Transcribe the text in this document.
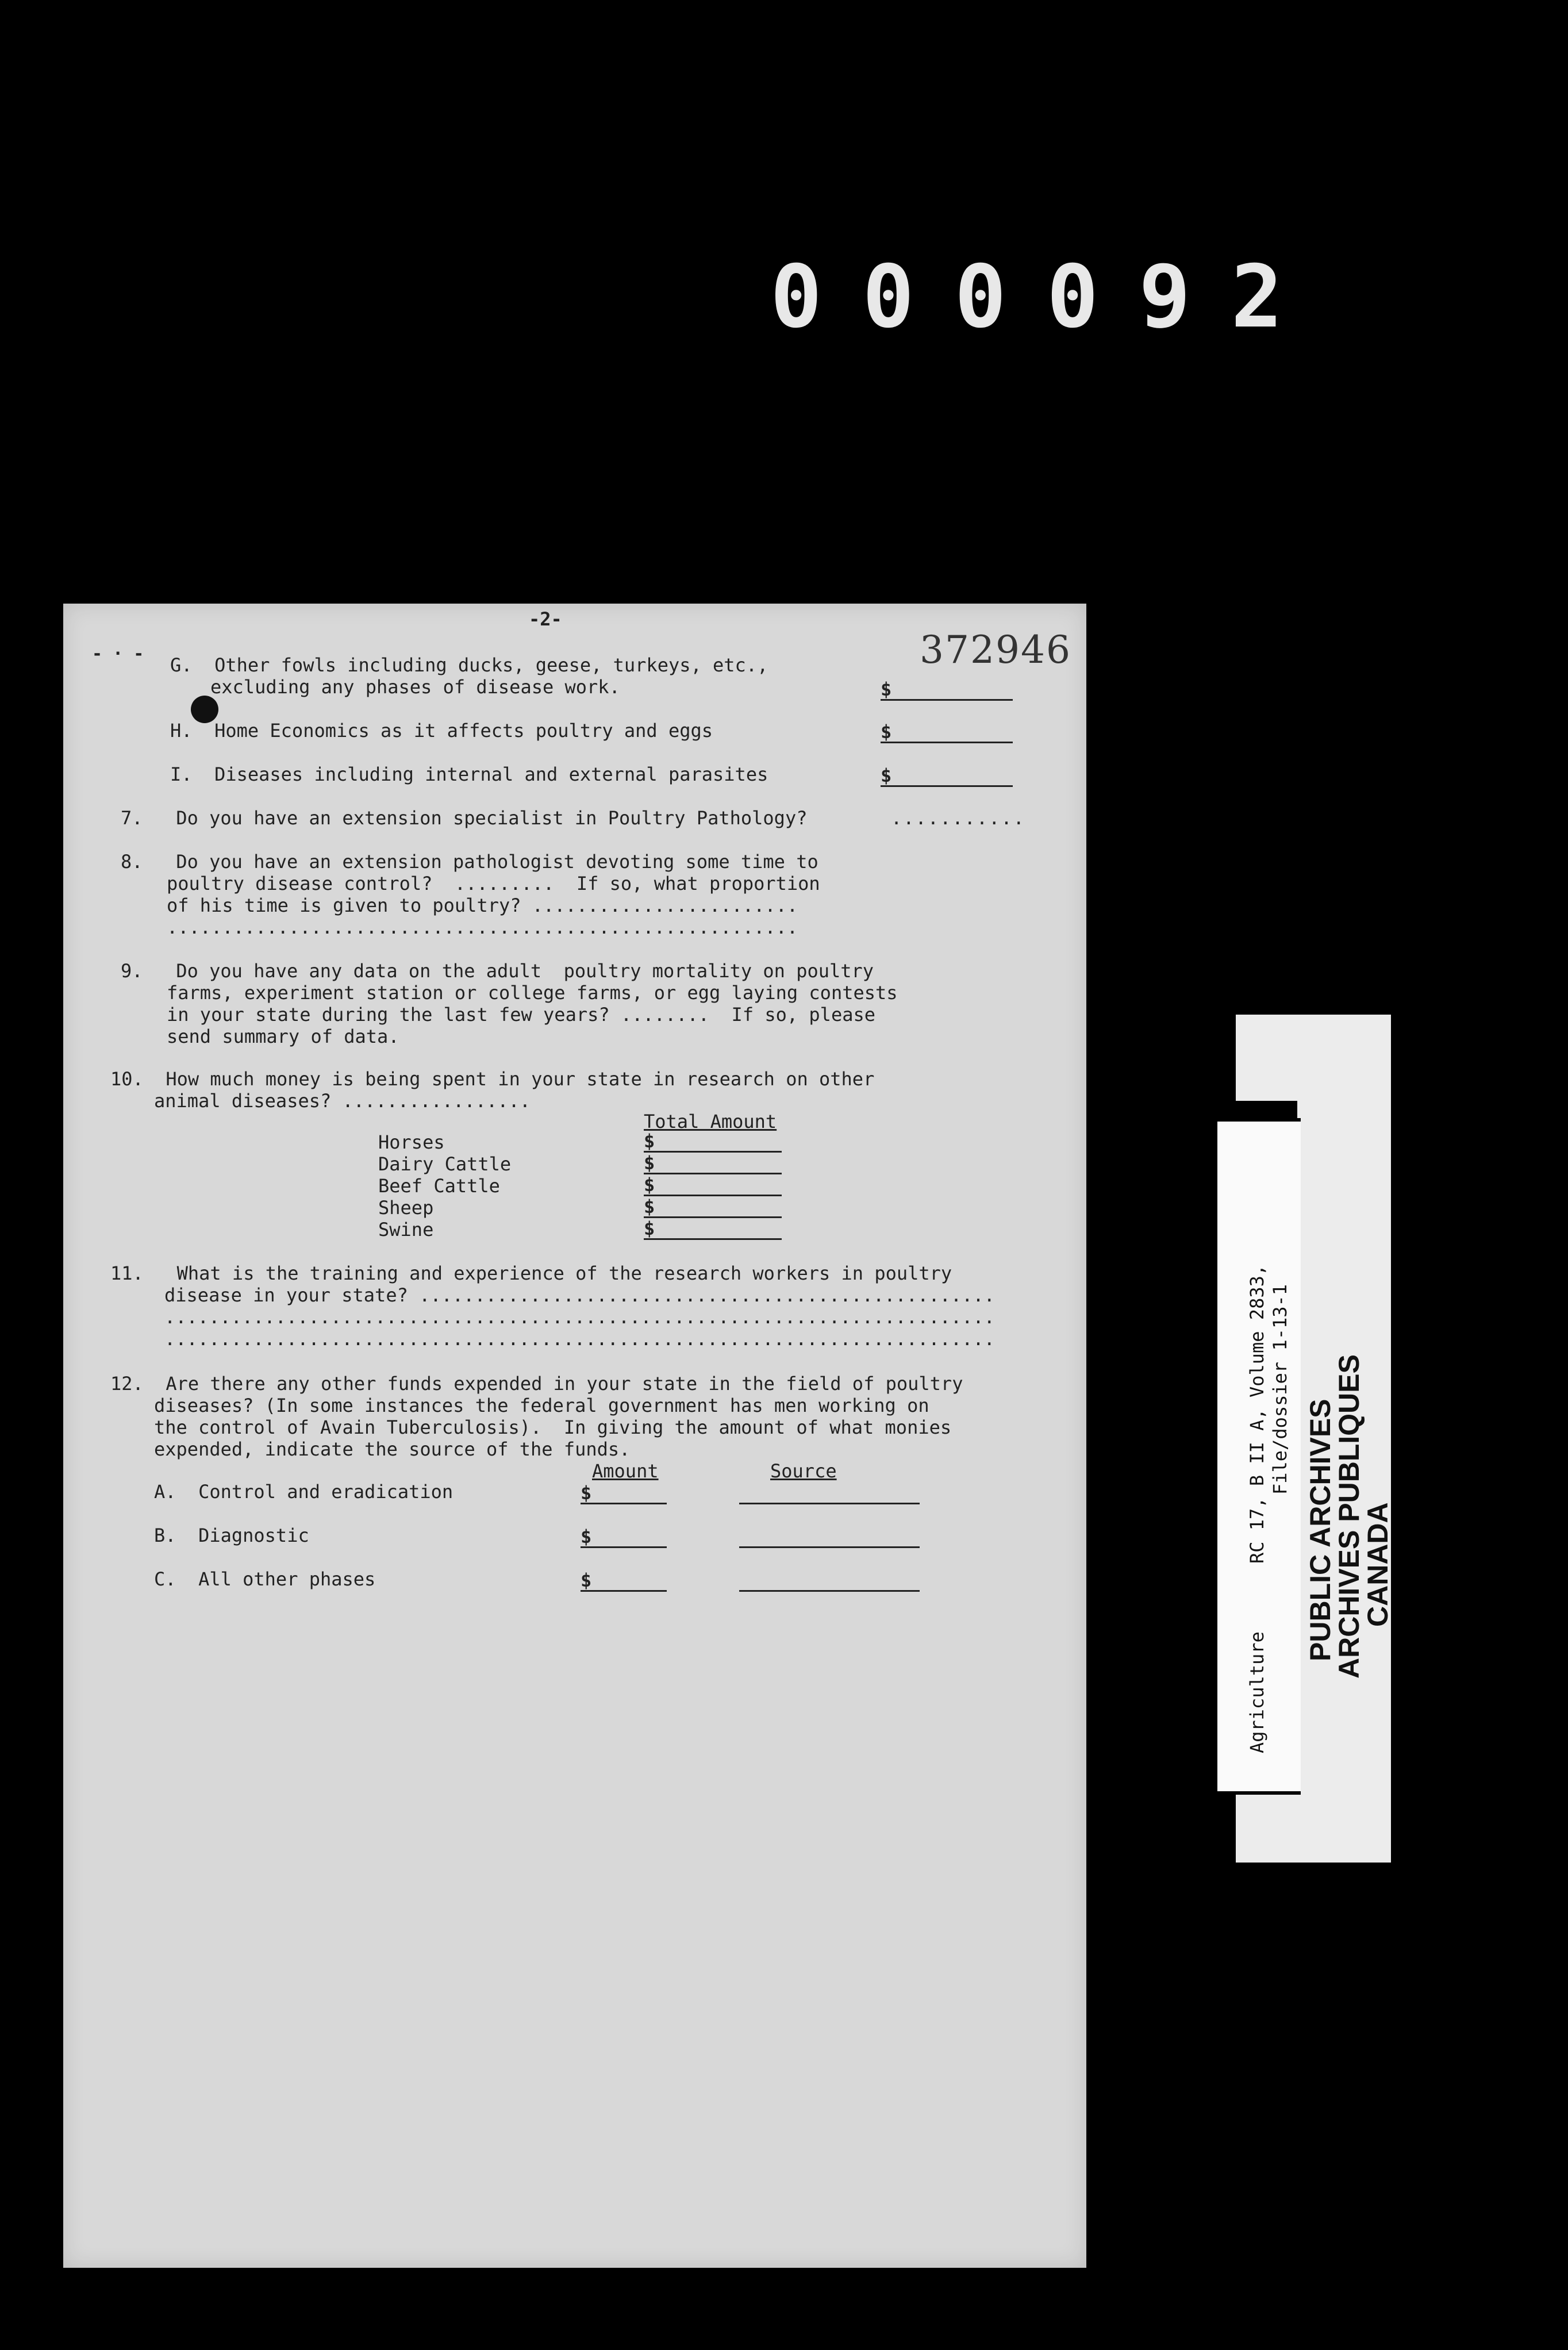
000092
-2-
372946
- · -
G.  Other fowls including ducks, geese, turkeys, etc.,
excluding any phases of disease work.	$
H.  Home Economics as it affects poultry and eggs	$
I.  Diseases including internal and external parasites	$
7.   Do you have an extension specialist in Poultry Pathology?	...........
8.   Do you have an extension pathologist devoting some time to
poultry disease control?  .........  If so, what proportion
of his time is given to poultry? ........................
.........................................................
9.   Do you have any data on the adult  poultry mortality on poultry
farms, experiment station or college farms, or egg laying contests
in your state during the last few years? ........  If so, please
send summary of data.
10.  How much money is being spent in your state in research on other
animal diseases? .................
Total Amount
Horses	$
Dairy Cattle	$
Beef Cattle	$
Sheep	$
Swine	$
11.   What is the training and experience of the research workers in poultry
disease in your state? ....................................................
...........................................................................
...........................................................................
12.  Are there any other funds expended in your state in the field of poultry
diseases? (In some instances the federal government has men working on
the control of Avain Tuberculosis).  In giving the amount of what monies
expended, indicate the source of the funds.
Amount	Source
A.  Control and eradication	$
B.  Diagnostic	$
C.  All other phases	$
Agriculture
RC 17, B II A, Volume 2833, File/dossier 1-13-1
PUBLIC ARCHIVES
ARCHIVES PUBLIQUES
CANADA
